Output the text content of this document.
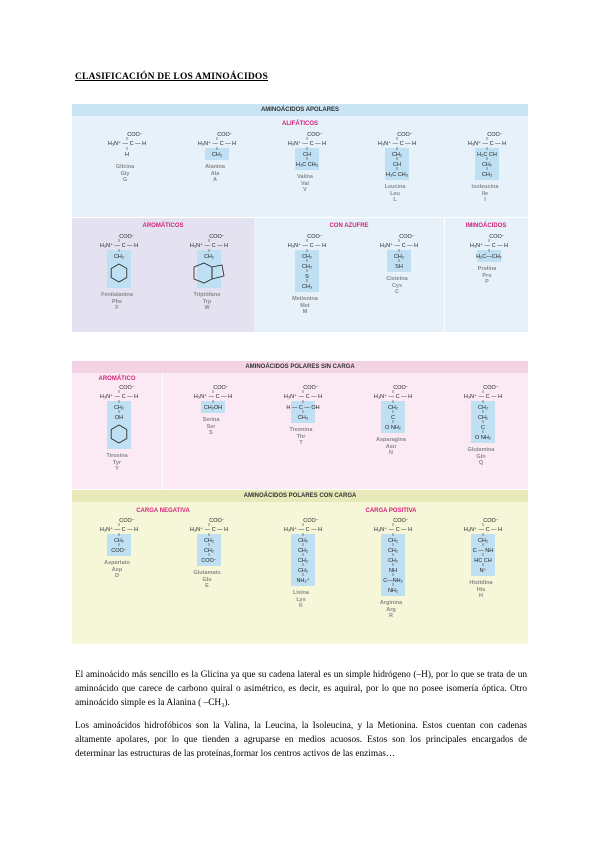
CLASIFICACIÓN DE LOS AMINOÁCIDOS
AMINOÁCIDOS APOLARES
ALIFÁTICOS
AROMÁTICOS	CON AZUFRE	IMINOÁCIDOS
COO⁻
H₃N⁺ — C — H
H
Glicina
Gly
G
COO⁻
H₃N⁺ — C — H
CH₃
Alanina
Ala
A
COO⁻
H₃N⁺ — C — H
CH
H₃C CH₃
Valina
Val
V
COO⁻
H₃N⁺ — C — H
CH₂
CH
H₃C CH₃
Leucina
Leu
L
COO⁻
H₃N⁺ — C — H
H₃C CH
CH₂
CH₃
Isoleucina
Ile
I
COO⁻
H₃N⁺ — C — H
CH₂
Fenilalanina
Phe
F
COO⁻
H₃N⁺ — C — H
CH₂
Triptófano
Trp
W
COO⁻
H₃N⁺ — C — H
CH₂
CH₂
S
CH₃
Metionina
Met
M
COO⁻
H₃N⁺ — C — H
CH₂
SH
Cisteína
Cys
C
COO⁻
H₃N⁺ — C — H
H₂C—CH₂
Prolina
Pro
P
AMINOÁCIDOS POLARES SIN CARGA
AROMÁTICO
COO⁻
H₃N⁺ — C — H
CH₂
OH
Tirosina
Tyr
Y
COO⁻
H₃N⁺ — C — H
CH₂OH
Serina
Ser
S
COO⁻
H₃N⁺ — C — H
H — C — OH
CH₃
Treonina
Thr
T
COO⁻
H₃N⁺ — C — H
CH₂
C
O NH₂
Asparagina
Asn
N
COO⁻
H₃N⁺ — C — H
CH₂
CH₂
C
O NH₂
Glutamina
Gln
Q
AMINOÁCIDOS POLARES CON CARGA
CARGA NEGATIVA	CARGA POSITIVA
COO⁻
H₃N⁺ — C — H
CH₂
COO⁻
Aspartato
Asp
D
COO⁻
H₃N⁺ — C — H
CH₂
CH₂
COO⁻
Glutamato
Glu
E
COO⁻
H₃N⁺ — C — H
CH₂
CH₂
CH₂
CH₂
NH₃⁺
Lisina
Lys
K
COO⁻
H₃N⁺ — C — H
CH₂
CH₂
CH₂
NH
C—NH₂
NH₂
Arginina
Arg
R
COO⁻
H₃N⁺ — C — H
CH₂
C — NH
HC CH
N⁺
Histidina
His
H
El aminoácido más sencillo es la Glicina ya que su cadena lateral es un simple hidrógeno (–H), por lo que se trata de un aminoácido que carece de carbono quiral o asimétrico, es decir, es aquiral, por lo que no posee isomería óptica. Otro aminoácido simple es la Alanina ( –CH₃).
Los aminoácidos hidrofóbicos son la Valina, la Leucina, la Isoleucina, y la Metionina. Estos cuentan con cadenas altamente apolares, por lo que tienden a agruparse en medios acuosos. Estos son los principales encargados de determinar las estructuras de las proteínas,formar los centros activos de las enzimas…
